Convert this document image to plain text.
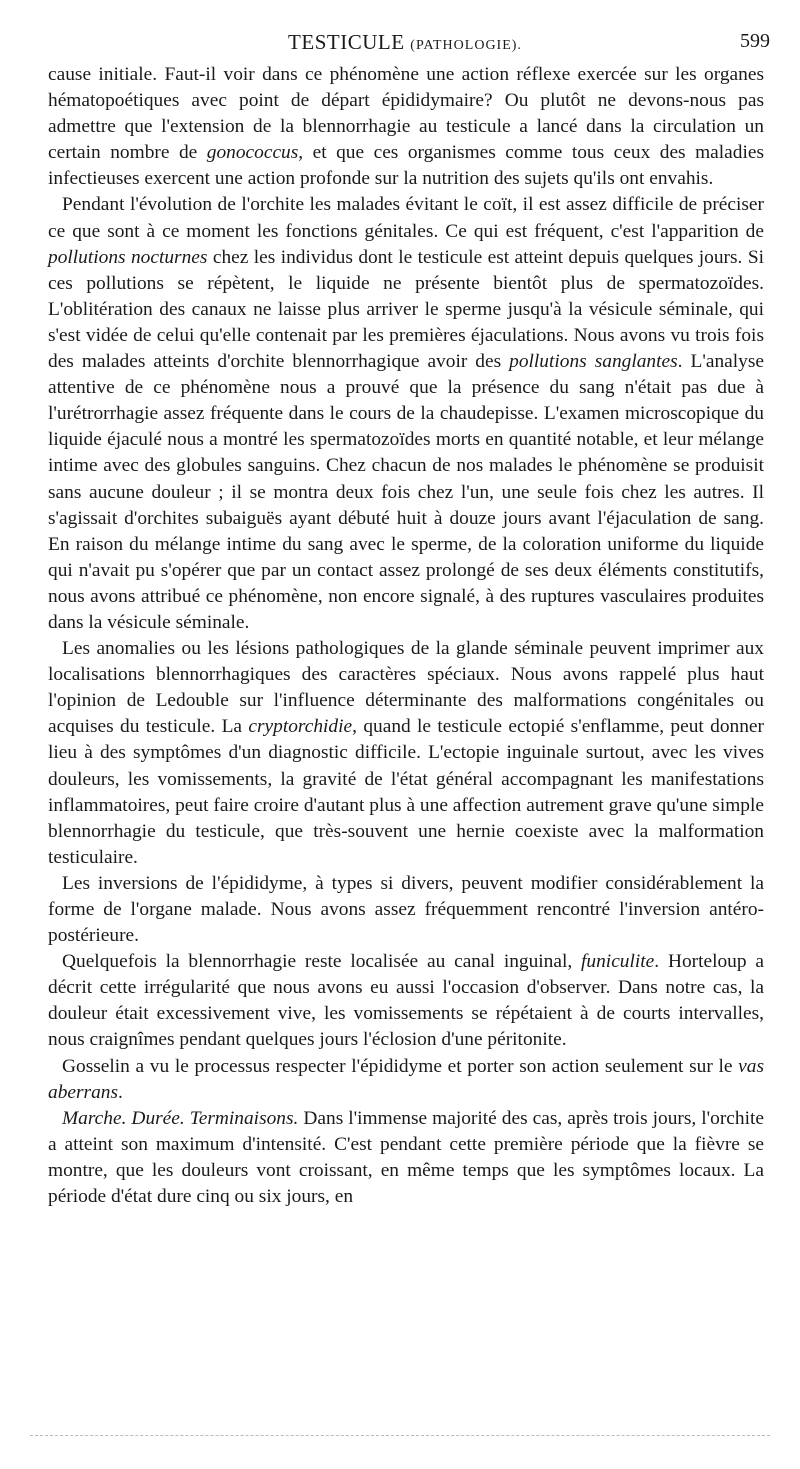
TESTICULE (PATHOLOGIE).	599

cause initiale. Faut-il voir dans ce phénomène une action réflexe exercée sur les organes hématopoétiques avec point de départ épididymaire? Ou plutôt ne devons-nous pas admettre que l'extension de la blennorrhagie au testicule a lancé dans la circulation un certain nombre de gonococcus, et que ces organismes comme tous ceux des maladies infectieuses exercent une action profonde sur la nutrition des sujets qu'ils ont envahis.

Pendant l'évolution de l'orchite les malades évitant le coït, il est assez difficile de préciser ce que sont à ce moment les fonctions génitales. Ce qui est fréquent, c'est l'apparition de pollutions nocturnes chez les individus dont le testicule est atteint depuis quelques jours. Si ces pollutions se répètent, le liquide ne présente bientôt plus de spermatozoïdes. L'oblitération des canaux ne laisse plus arriver le sperme jusqu'à la vésicule séminale, qui s'est vidée de celui qu'elle contenait par les premières éjaculations. Nous avons vu trois fois des malades atteints d'orchite blennorrhagique avoir des pollutions sanglantes. L'analyse attentive de ce phénomène nous a prouvé que la présence du sang n'était pas due à l'urétrorrhagie assez fréquente dans le cours de la chaudepisse. L'examen microscopique du liquide éjaculé nous a montré les spermatozoïdes morts en quantité notable, et leur mélange intime avec des globules sanguins. Chez chacun de nos malades le phénomène se produisit sans aucune douleur ; il se montra deux fois chez l'un, une seule fois chez les autres. Il s'agissait d'orchites subaiguës ayant débuté huit à douze jours avant l'éjaculation de sang. En raison du mélange intime du sang avec le sperme, de la coloration uniforme du liquide qui n'avait pu s'opérer que par un contact assez prolongé de ses deux éléments constitutifs, nous avons attribué ce phénomène, non encore signalé, à des ruptures vasculaires produites dans la vésicule séminale.

Les anomalies ou les lésions pathologiques de la glande séminale peuvent imprimer aux localisations blennorrhagiques des caractères spéciaux. Nous avons rappelé plus haut l'opinion de Ledouble sur l'influence déterminante des malformations congénitales ou acquises du testicule. La cryptorchidie, quand le testicule ectopié s'enflamme, peut donner lieu à des symptômes d'un diagnostic difficile. L'ectopie inguinale surtout, avec les vives douleurs, les vomissements, la gravité de l'état général accompagnant les manifestations inflammatoires, peut faire croire d'autant plus à une affection autrement grave qu'une simple blennorrhagie du testicule, que très-souvent une hernie coexiste avec la malformation testiculaire.

Les inversions de l'épididyme, à types si divers, peuvent modifier considérablement la forme de l'organe malade. Nous avons assez fréquemment rencontré l'inversion antéro-postérieure.

Quelquefois la blennorrhagie reste localisée au canal inguinal, funiculite. Horteloup a décrit cette irrégularité que nous avons eu aussi l'occasion d'observer. Dans notre cas, la douleur était excessivement vive, les vomissements se répétaient à de courts intervalles, nous craignîmes pendant quelques jours l'éclosion d'une péritonite.

Gosselin a vu le processus respecter l'épididyme et porter son action seulement sur le vas aberrans.

Marche. Durée. Terminaisons. Dans l'immense majorité des cas, après trois jours, l'orchite a atteint son maximum d'intensité. C'est pendant cette première période que la fièvre se montre, que les douleurs vont croissant, en même temps que les symptômes locaux. La période d'état dure cinq ou six jours, en
